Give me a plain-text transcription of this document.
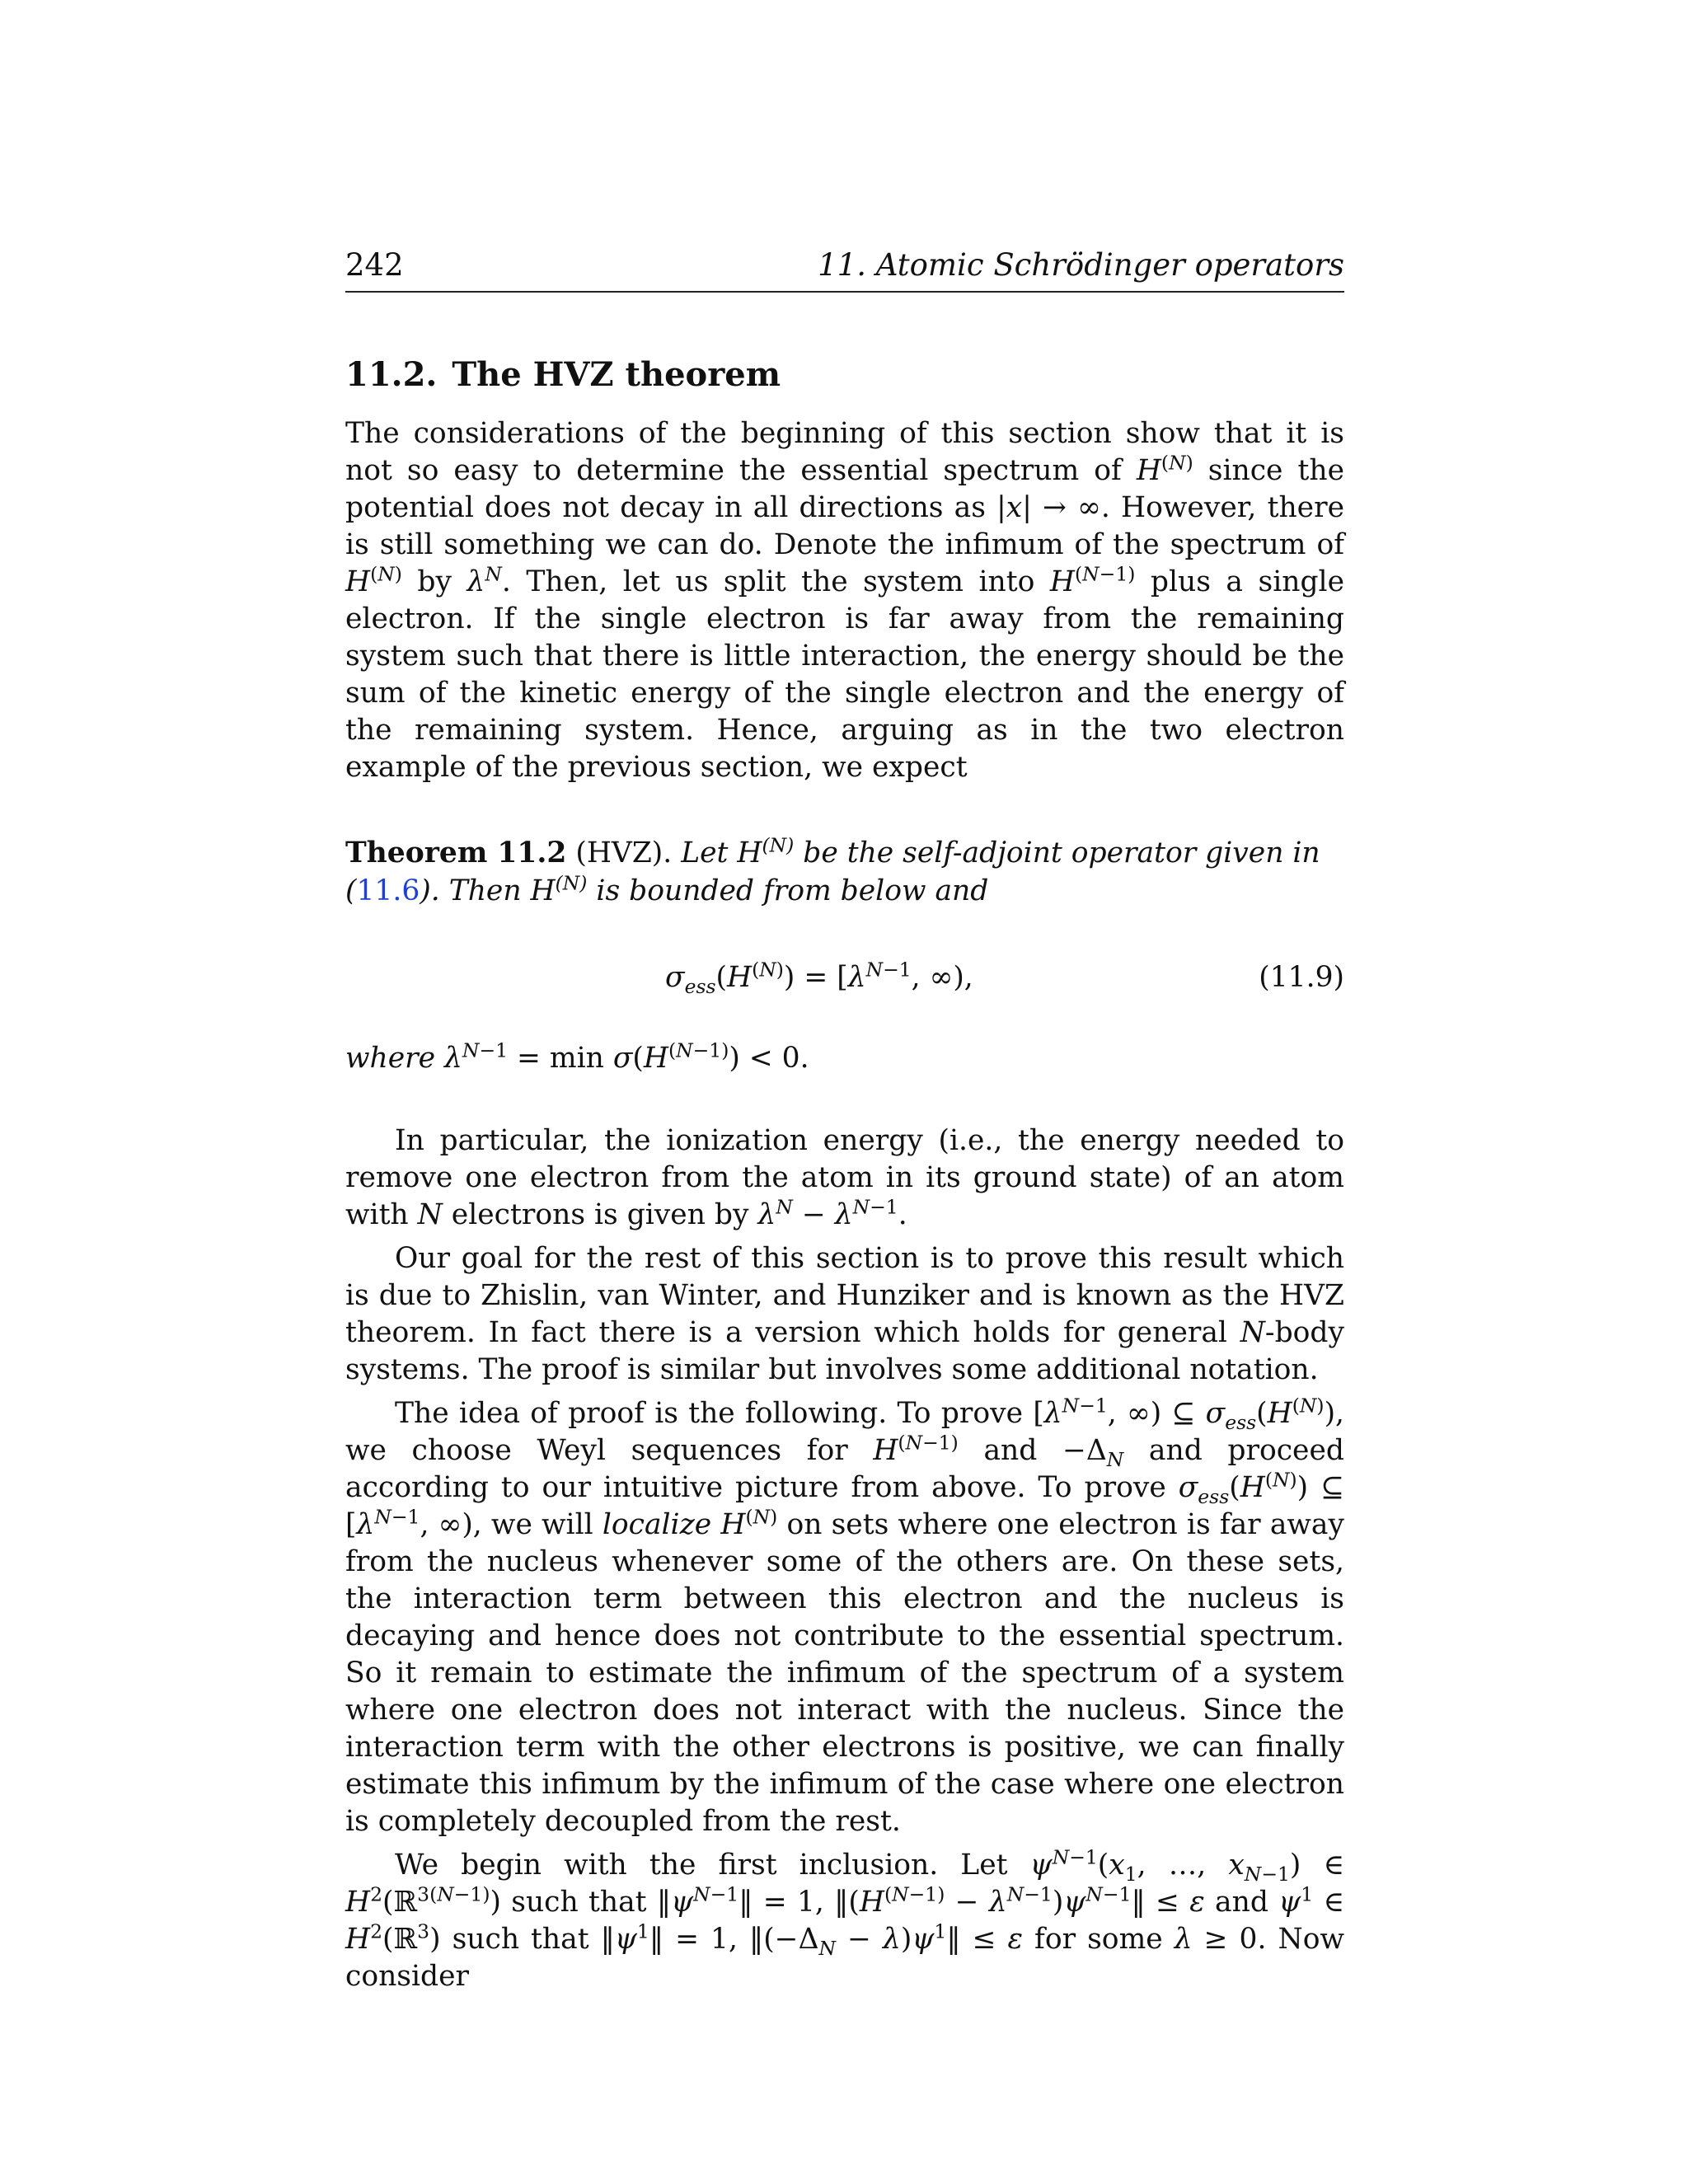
242	11. Atomic Schrödinger operators
11.2. The HVZ theorem

The considerations of the beginning of this section show that it is not so easy to determine the essential spectrum of $H^{(N)}$ since the potential does not decay in all directions as |x| → ∞. However, there is still something we can do. Denote the infimum of the spectrum of $H^{(N)}$ by $\lambda^N$. Then, let us split the system into $H^{(N-1)}$ plus a single electron. If the single electron is far away from the remaining system such that there is little interaction, the energy should be the sum of the kinetic energy of the single electron and the energy of the remaining system. Hence, arguing as in the two electron example of the previous section, we expect

Theorem 11.2 (HVZ). Let $H^{(N)}$ be the self-adjoint operator given in (11.6). Then $H^{(N)}$ is bounded from below and
$\sigma_{ess}(H^{(N)}) = [\lambda^{N-1}$, ∞),	(11.9)
where $\lambda^{N-1} = \min \sigma(H^{(N-1)}) < 0$.

In particular, the ionization energy (i.e., the energy needed to remove one electron from the atom in its ground state) of an atom with N electrons is given by $\lambda^N - \lambda^{N-1}$.

Our goal for the rest of this section is to prove this result which is due to Zhislin, van Winter, and Hunziker and is known as the HVZ theorem. In fact there is a version which holds for general N-body systems. The proof is similar but involves some additional notation.

The idea of proof is the following. To prove [$\lambda^{N-1}$, ∞) ⊆ $\sigma_{ess}(H^{(N)})$, we choose Weyl sequences for $H^{(N-1)}$ and $-\Delta_N$ and proceed according to our intuitive picture from above. To prove $\sigma_{ess}(H^{(N)})$ ⊆ [$\lambda^{N-1}$, ∞), we will localize $H^{(N)}$ on sets where one electron is far away from the nucleus whenever some of the others are. On these sets, the interaction term between this electron and the nucleus is decaying and hence does not contribute to the essential spectrum. So it remain to estimate the infimum of the spectrum of a system where one electron does not interact with the nucleus. Since the interaction term with the other electrons is positive, we can finally estimate this infimum by the infimum of the case where one electron is completely decoupled from the rest.

We begin with the first inclusion. Let $\psi^{N-1}(x_1$, …, $x_{N-1}$) ∈ $H^2(ℝ^{3(N-1)})$ such that $‖\psi^{N-1}‖ = 1$, $‖(H^{(N-1)}$ − $\lambda^{N-1})\psi^{N-1}‖ \le \varepsilon$ and $\psi^1$ ∈ $H^2(ℝ^3)$ such that $‖\psi^1‖ = 1$, $‖(-\Delta_N$ − $\lambda)\psi^1‖ \le \varepsilon$ for some λ ≥ 0. Now consider
